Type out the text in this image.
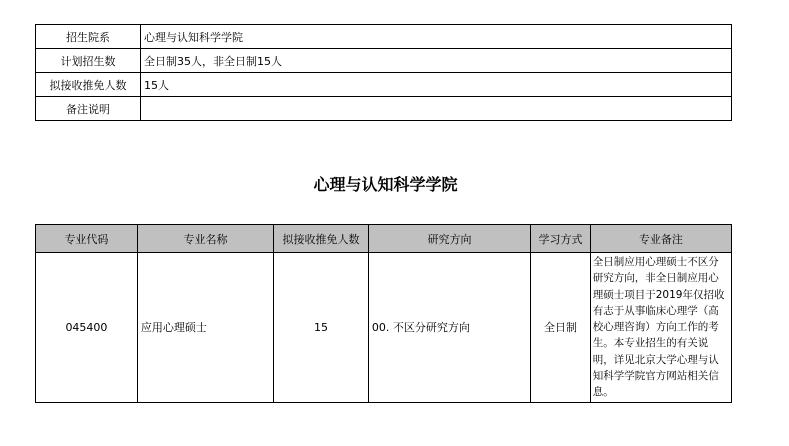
招生院系	心理与认知科学学院
计划招生数	全日制35人，非全日制15人
拟接收推免人数	15人
备注说明	
心理与认知科学学院
专业代码	专业名称	拟接收推免人数	研究方向	学习方式	专业备注
045400	应用心理硕士	15	00. 不区分研究方向	全日制	全日制应用心理硕士不区分研究方向，非全日制应用心理硕士项目于2019年仅招收有志于从事临床心理学（高校心理咨询）方向工作的考生。本专业招生的有关说明，详见北京大学心理与认知科学学院官方网站相关信息。
